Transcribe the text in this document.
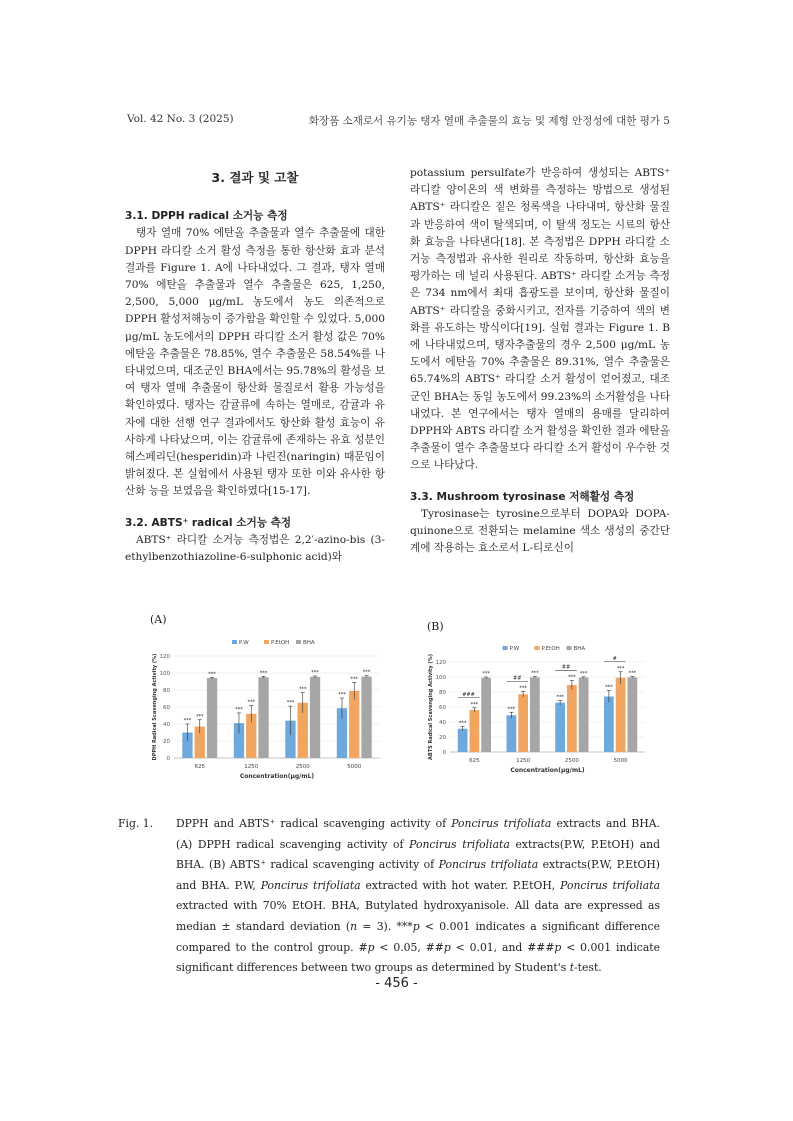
Vol. 42 No. 3 (2025)	화장품 소재로서 유기농 탱자 열매 추출물의 효능 및 제형 안정성에 대한 평가 5
3. 결과 및 고찰
3.1. DPPH radical 소거능 측정

탱자 열매 70% 에탄올 추출물과 열수 추출물에 대한 DPPH 라디칼 소거 활성 측정을 통한 항산화 효과 분석 결과를 Figure 1. A에 나타내었다. 그 결과, 탱자 열매 70% 에탄올 추출물과 열수 추출물은 625, 1,250, 2,500, 5,000 μg/mL 농도에서 농도 의존적으로 DPPH 활성저해능이 증가함을 확인할 수 있었다. 5,000 μg/mL 농도에서의 DPPH 라디칼 소거 활성 값은 70% 에탄올 추출물은 78.85%, 열수 추출물은 58.54%를 나타내었으며, 대조군인 BHA에서는 95.78%의 활성을 보여 탱자 열매 추출물이 항산화 물질로서 활용 가능성을 확인하였다. 탱자는 감귤류에 속하는 열매로, 감귤과 유자에 대한 선행 연구 결과에서도 항산화 활성 효능이 유사하게 나타났으며, 이는 감귤류에 존재하는 유효 성분인 헤스페리딘(hesperidin)과 나린진(naringin) 때문임이 밝혀졌다. 본 실험에서 사용된 탱자 또한 이와 유사한 항산화 능을 보였음을 확인하였다[15-17].

3.2. ABTS⁺ radical 소거능 측정

ABTS⁺ 라디칼 소거능 측정법은 2,2′-azino-bis (3-ethylbenzothiazoline-6-sulphonic acid)와

potassium persulfate가 반응하여 생성되는 ABTS⁺ 라디칼 양이온의 색 변화를 측정하는 방법으로 생성된 ABTS⁺ 라디칼은 짙은 청록색을 나타내며, 항산화 물질과 반응하여 색이 탈색되며, 이 탈색 정도는 시료의 항산화 효능을 나타낸다[18]. 본 측정법은 DPPH 라디칼 소거능 측정법과 유사한 원리로 작동하며, 항산화 효능을 평가하는 데 널리 사용된다. ABTS⁺ 라디칼 소거능 측정은 734 nm에서 최대 흡광도를 보이며, 항산화 물질이 ABTS⁺ 라디칼을 중화시키고, 전자를 기증하여 색의 변화를 유도하는 방식이다[19]. 실험 결과는 Figure 1. B에 나타내었으며, 탱자추출물의 경우 2,500 μg/mL 농도에서 에탄올 70% 추출물은 89.31%, 열수 추출물은 65.74%의 ABTS⁺ 라디칼 소거 활성이 얻어졌고, 대조군인 BHA는 동일 농도에서 99.23%의 소거활성을 나타내었다. 본 연구에서는 탱자 열매의 용매를 달리하여 DPPH와 ABTS 라디칼 소거 활성을 확인한 결과 에탄올 추출물이 열수 추출물보다 라디칼 소거 활성이 우수한 것으로 나타났다.

3.3. Mushroom tyrosinase 저해활성 측정

Tyrosinase는 tyrosine으로부터 DOPA와 DOPA-quinone으로 전환되는 melamine 색소 생성의 중간단계에 작용하는 효소로서 L-티로신이

(A)
(B)
0
20
40
60
80
100
120
625
***
***
***
1250
***
***
***
2500
***
***
***
5000
***
***
***
P.W	P.EtOH BHA
Concentration(μg/mL)
DPPH Radical Scavenging Activity (%)	0
20
40
60
80
100
120
625
***
***
***
###
1250
***
***
***
##
2500
***
***
***
##
5000
***
***
***
#
P.W	P.EtOH BHA
Concentration(μg/mL)
ABTS Radical Scavenging Activity (%)
Fig. 1. DPPH and ABTS⁺ radical scavenging activity of Poncirus trifoliata extracts and BHA. (A) DPPH radical scavenging activity of Poncirus trifoliata extracts(P.W, P.EtOH) and BHA. (B) ABTS⁺ radical scavenging activity of Poncirus trifoliata extracts(P.W, P.EtOH) and BHA. P.W, Poncirus trifoliata extracted with hot water. P.EtOH, Poncirus trifoliata extracted with 70% EtOH. BHA, Butylated hydroxyanisole. All data are expressed as median ± standard deviation (n = 3). ***p < 0.001 indicates a significant difference compared to the control group. #p < 0.05, ##p < 0.01, and ###p < 0.001 indicate significant differences between two groups as determined by Student's t-test.
- 456 -
